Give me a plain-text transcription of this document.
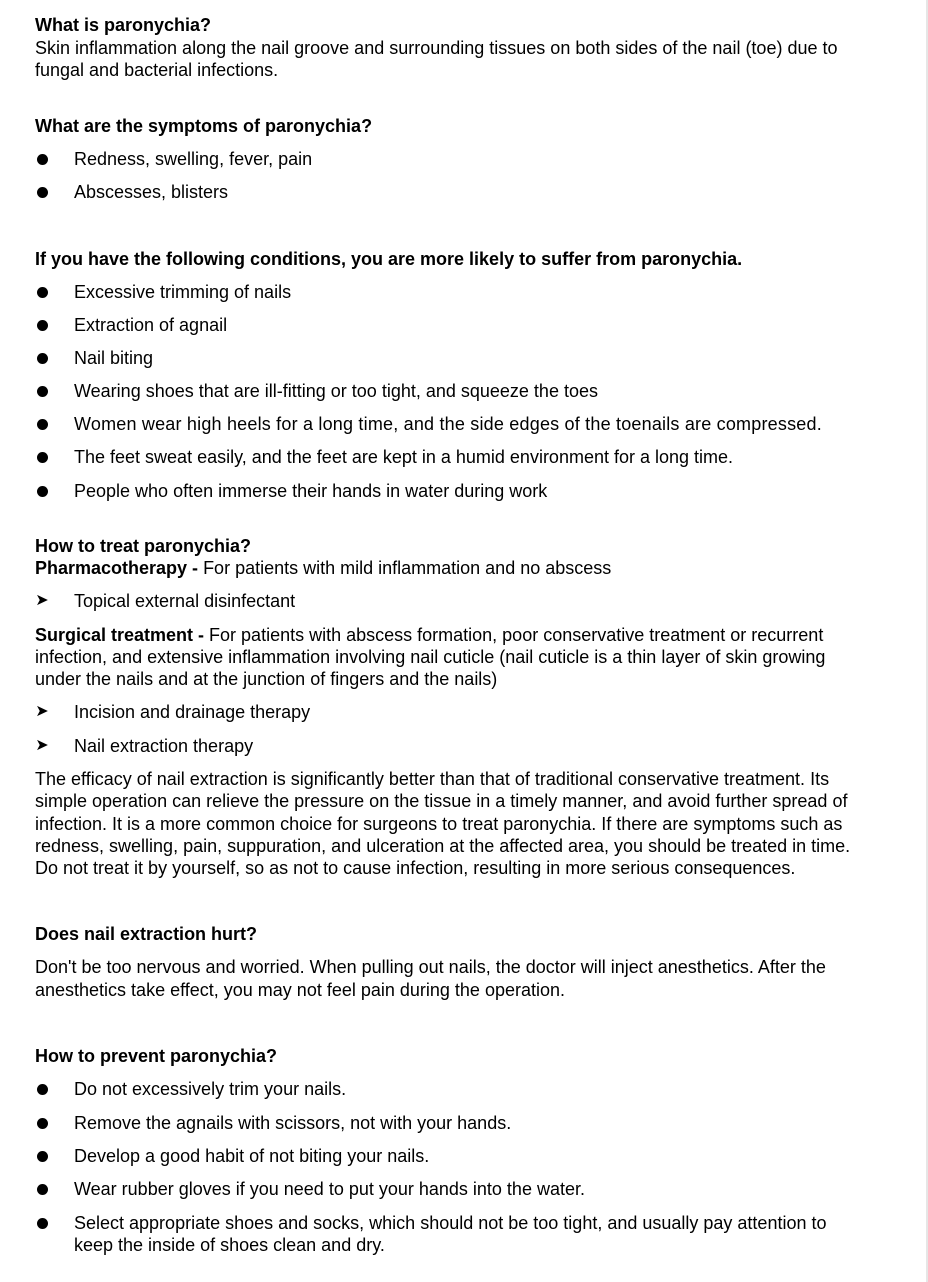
What is paronychia?
Skin inflammation along the nail groove and surrounding tissues on both sides of the nail (toe) due to
fungal and bacterial infections.
What are the symptoms of paronychia?
Redness, swelling, fever, pain
Abscesses, blisters
If you have the following conditions, you are more likely to suffer from paronychia.
Excessive trimming of nails
Extraction of agnail
Nail biting
Wearing shoes that are ill-fitting or too tight, and squeeze the toes
Women wear high heels for a long time, and the side edges of the toenails are compressed.
The feet sweat easily, and the feet are kept in a humid environment for a long time.
People who often immerse their hands in water during work
How to treat paronychia?
Pharmacotherapy - For patients with mild inflammation and no abscess
➤ Topical external disinfectant
Surgical treatment - For patients with abscess formation, poor conservative treatment or recurrent
infection, and extensive inflammation involving nail cuticle (nail cuticle is a thin layer of skin growing
under the nails and at the junction of fingers and the nails)
➤ Incision and drainage therapy
➤ Nail extraction therapy
The efficacy of nail extraction is significantly better than that of traditional conservative treatment. Its
simple operation can relieve the pressure on the tissue in a timely manner, and avoid further spread of
infection. It is a more common choice for surgeons to treat paronychia. If there are symptoms such as
redness, swelling, pain, suppuration, and ulceration at the affected area, you should be treated in time.
Do not treat it by yourself, so as not to cause infection, resulting in more serious consequences.
Does nail extraction hurt?
Don't be too nervous and worried. When pulling out nails, the doctor will inject anesthetics. After the
anesthetics take effect, you may not feel pain during the operation.
How to prevent paronychia?
Do not excessively trim your nails.
Remove the agnails with scissors, not with your hands.
Develop a good habit of not biting your nails.
Wear rubber gloves if you need to put your hands into the water.
Select appropriate shoes and socks, which should not be too tight, and usually pay attention to
keep the inside of shoes clean and dry.
